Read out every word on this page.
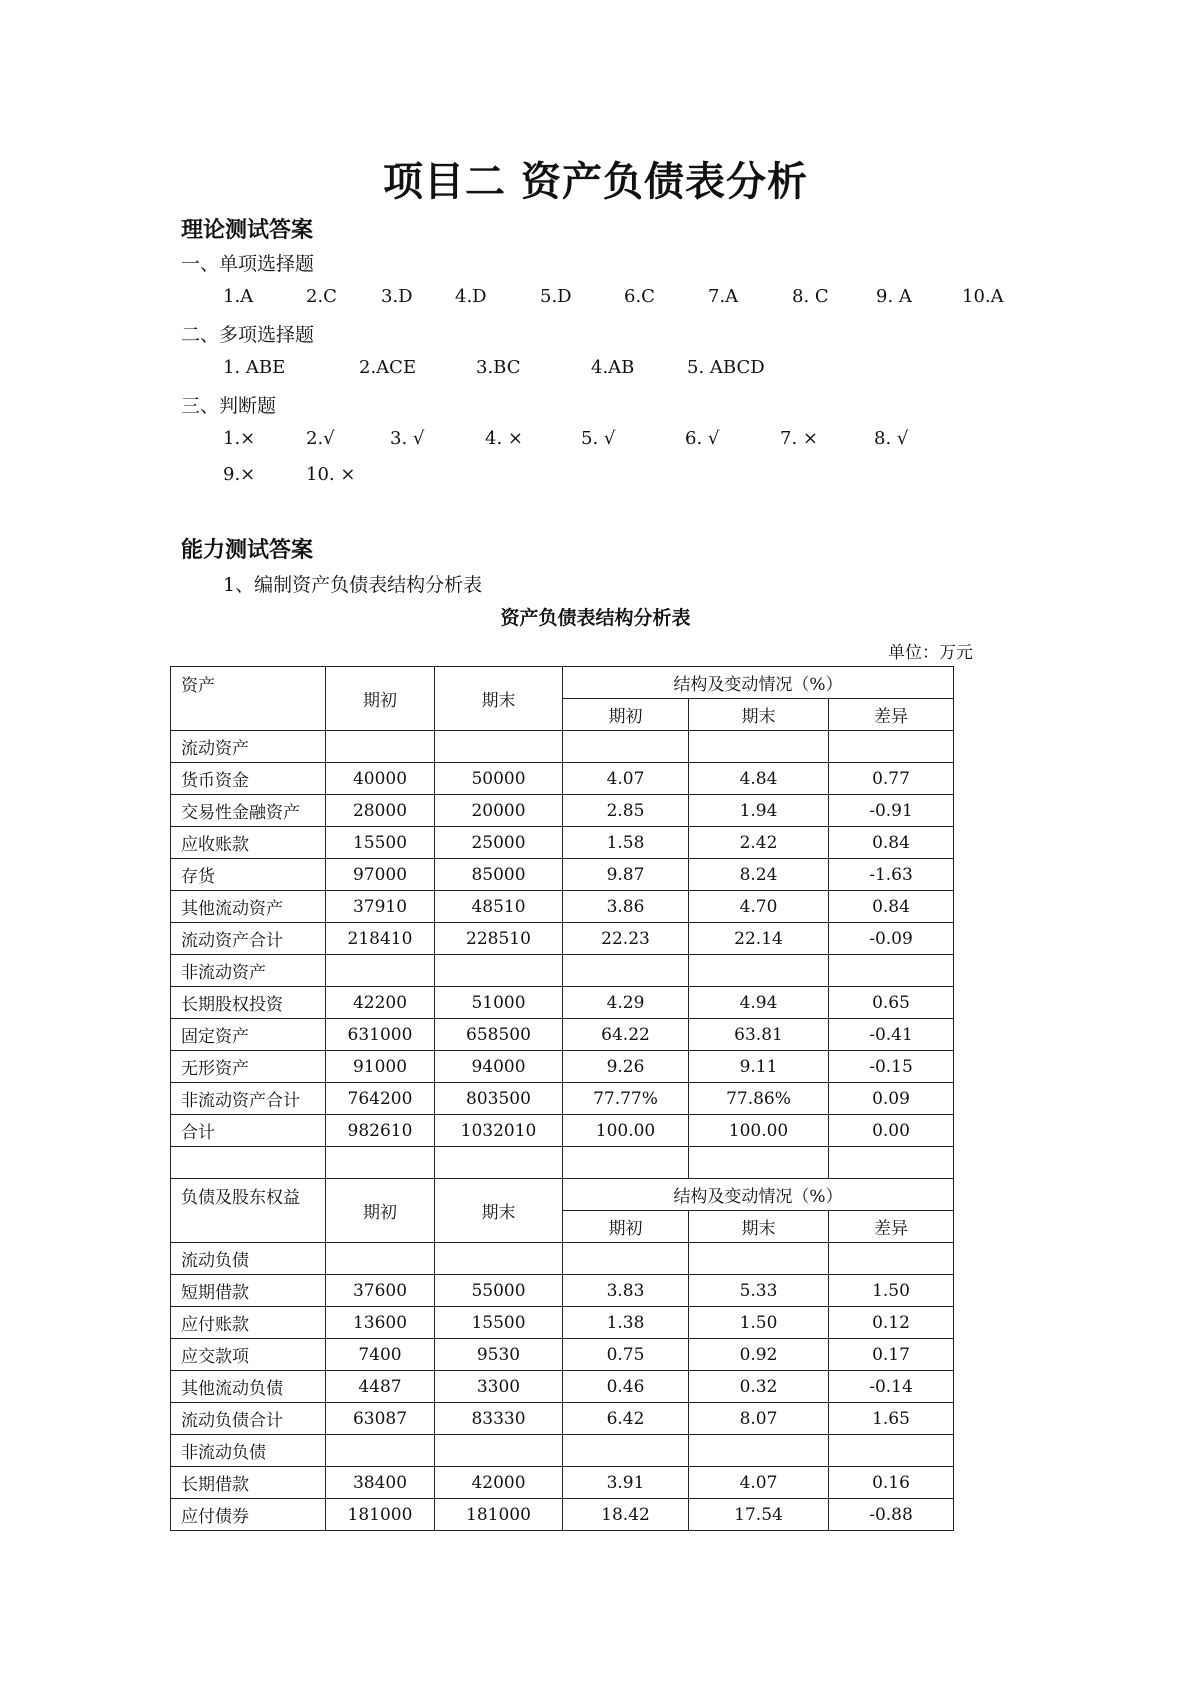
项目二 资产负债表分析
理论测试答案
一、单项选择题
1.A	2.C 3.D 4.D	5.D	6.C	7.A	8. C	9. A	10.A
二、多项选择题
1. ABE	2.ACE	3.BC	4.AB	5. ABCD
三、判断题
1.×	2.√	3. √	4. ×	5. √	6. √	7. ×	8. √
9.×	10. ×
能力测试答案
1、编制资产负债表结构分析表
资产负债表结构分析表
单位：万元
资产	期初	期末	结构及变动情况（%）		
			期初	期末	差异
流动资产					
货币资金	40000	50000	4.07	4.84	0.77
交易性金融资产	28000	20000	2.85	1.94	-0.91
应收账款	15500	25000	1.58	2.42	0.84
存货	97000	85000	9.87	8.24	-1.63
其他流动资产	37910	48510	3.86	4.70	0.84
流动资产合计	218410	228510	22.23	22.14	-0.09
非流动资产					
长期股权投资	42200	51000	4.29	4.94	0.65
固定资产	631000	658500	64.22	63.81	-0.41
无形资产	91000	94000	9.26	9.11	-0.15
非流动资产合计	764200	803500	77.77%	77.86%	0.09
合计	982610	1032010	100.00	100.00	0.00

负债及股东权益	期初	期末	结构及变动情况（%）		
			期初	期末	差异
流动负债					
短期借款	37600	55000	3.83	5.33	1.50
应付账款	13600	15500	1.38	1.50	0.12
应交款项	7400	9530	0.75	0.92	0.17
其他流动负债	4487	3300	0.46	0.32	-0.14
流动负债合计	63087	83330	6.42	8.07	1.65
非流动负债					
长期借款	38400	42000	3.91	4.07	0.16
应付债券	181000	181000	18.42	17.54	-0.88
